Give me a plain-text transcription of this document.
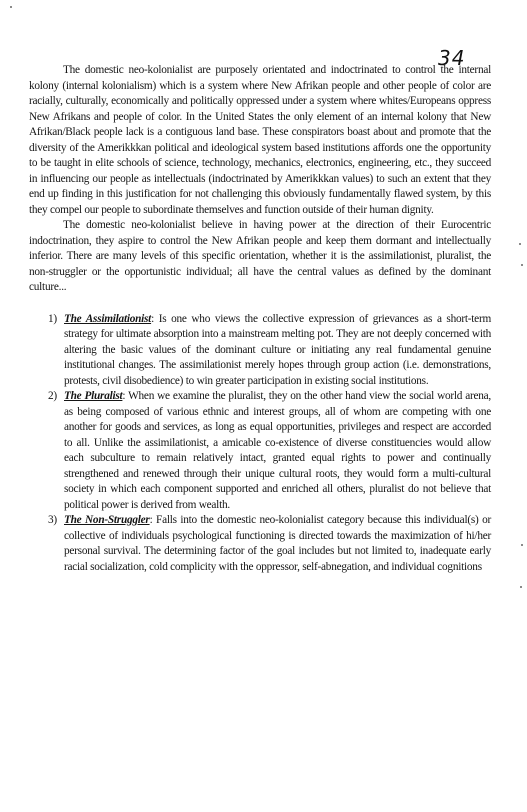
34

The domestic neo-kolonialist are purposely orientated and indoctrinated to control the internal kolony (internal kolonialism) which is a system where New Afrikan people and other people of color are racially, culturally, economically and politically oppressed under a system where whites/Europeans oppress New Afrikans and people of color. In the United States the only element of an internal kolony that New Afrikan/Black people lack is a contiguous land base. These conspirators boast about and promote that the diversity of the Amerikkkan political and ideological system based institutions affords one the opportunity to be taught in elite schools of science, technology, mechanics, electronics, engineering, etc., they succeed in influencing our people as intellectuals (indoctrinated by Amerikkkan values) to such an extent that they end up finding in this justification for not challenging this obviously fundamentally flawed system, by this they compel our people to subordinate themselves and function outside of their human dignity.

The domestic neo-kolonialist believe in having power at the direction of their Eurocentric indoctrination, they aspire to control the New Afrikan people and keep them dormant and intellectually inferior. There are many levels of this specific orientation, whether it is the assimilationist, pluralist, the non-struggler or the opportunistic individual; all have the central values as defined by the dominant culture...

1) The Assimilationist: Is one who views the collective expression of grievances as a short-term strategy for ultimate absorption into a mainstream melting pot. They are not deeply concerned with altering the basic values of the dominant culture or initiating any real fundamental genuine institutional changes. The assimilationist merely hopes through group action (i.e. demonstrations, protests, civil disobedience) to win greater participation in existing social institutions.
2) The Pluralist: When we examine the pluralist, they on the other hand view the social world arena, as being composed of various ethnic and interest groups, all of whom are competing with one another for goods and services, as long as equal opportunities, privileges and respect are accorded to all. Unlike the assimilationist, a amicable co-existence of diverse constituencies would allow each subculture to remain relatively intact, granted equal rights to power and continually strengthened and renewed through their unique cultural roots, they would form a multi-cultural society in which each component supported and enriched all others, pluralist do not believe that political power is derived from wealth.
3) The Non-Struggler: Falls into the domestic neo-kolonialist category because this individual(s) or collective of individuals psychological functioning is directed towards the maximization of hi/her personal survival. The determining factor of the goal includes but not limited to, inadequate early racial socialization, cold complicity with the oppressor, self-abnegation, and individual cognitions
